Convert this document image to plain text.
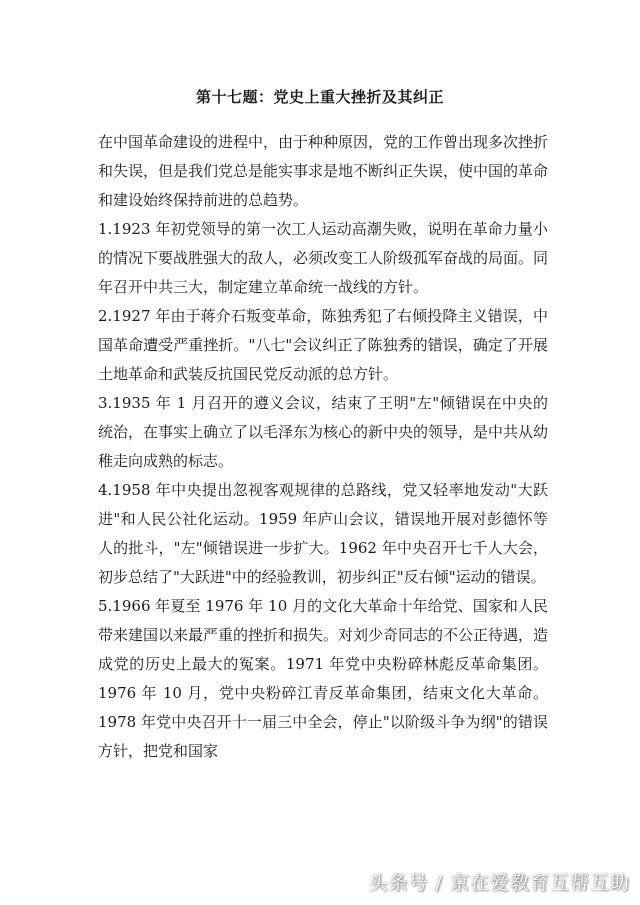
第十七题：党史上重大挫折及其纠正

在中国革命建设的进程中，由于种种原因，党的工作曾出现多次挫折和失误，但是我们党总是能实事求是地不断纠正失误，使中国的革命和建设始终保持前进的总趋势。

1.1923 年初党领导的第一次工人运动高潮失败，说明在革命力量小的情况下要战胜强大的敌人，必须改变工人阶级孤军奋战的局面。同年召开中共三大，制定建立革命统一战线的方针。

2.1927 年由于蒋介石叛变革命，陈独秀犯了右倾投降主义错误，中国革命遭受严重挫折。"八七"会议纠正了陈独秀的错误，确定了开展土地革命和武装反抗国民党反动派的总方针。

3.1935 年 1 月召开的遵义会议，结束了王明"左"倾错误在中央的统治，在事实上确立了以毛泽东为核心的新中央的领导，是中共从幼稚走向成熟的标志。

4.1958 年中央提出忽视客观规律的总路线，党又轻率地发动"大跃进"和人民公社化运动。1959 年庐山会议，错误地开展对彭德怀等人的批斗，"左"倾错误进一步扩大。1962 年中央召开七千人大会，初步总结了"大跃进"中的经验教训，初步纠正"反右倾"运动的错误。

5.1966 年夏至 1976 年 10 月的文化大革命十年给党、国家和人民带来建国以来最严重的挫折和损失。对刘少奇同志的不公正待遇，造成党的历史上最大的冤案。1971 年党中央粉碎林彪反革命集团。1976 年 10 月，党中央粉碎江青反革命集团，结束文化大革命。1978 年党中央召开十一届三中全会，停止"以阶级斗争为纲"的错误方针，把党和国家

头条号 / 京在爱教育互帮互助
